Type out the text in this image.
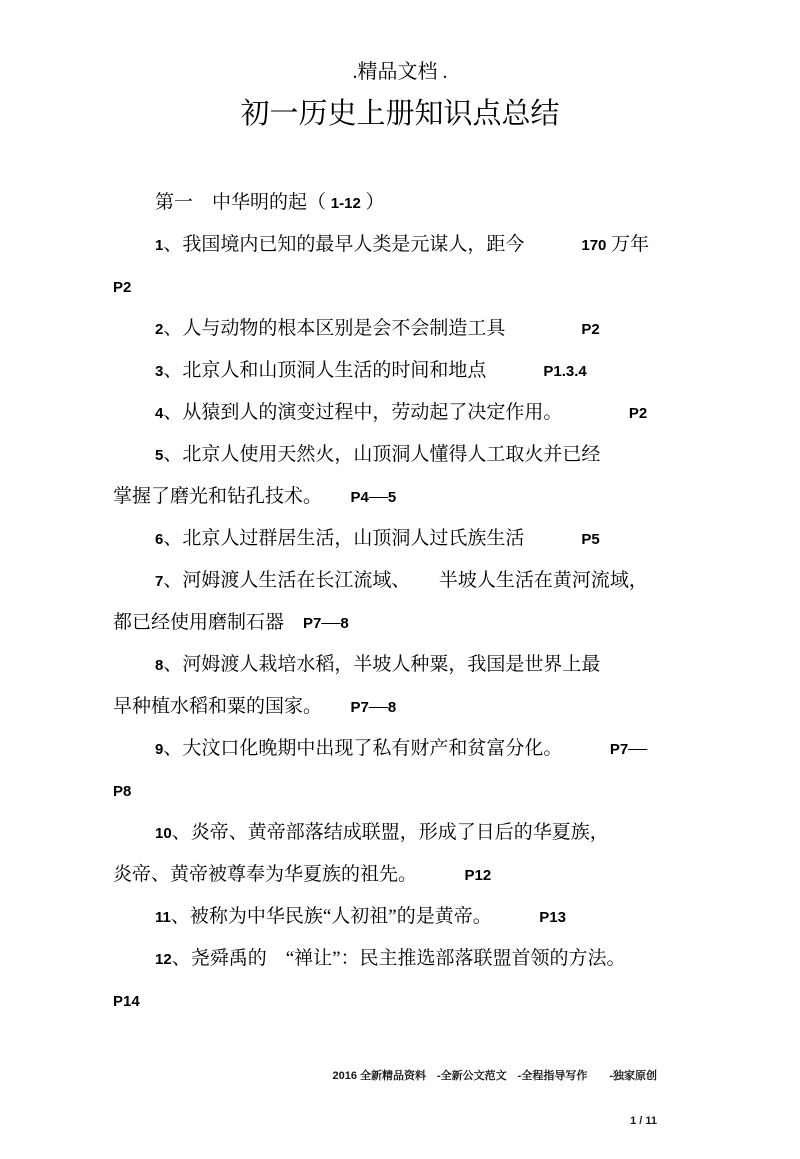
.精品文档 .
初一历史上册知识点总结
第一　中华明的起（ 1-12 ）
1、我国境内已知的最早人类是元谋人，距今　　　170 万年
P2
2、人与动物的根本区别是会不会制造工具　　　　P2
3、北京人和山顶洞人生活的时间和地点　　　P1.3.4
4、从猿到人的演变过程中，劳动起了决定作用。　　　　P2
5、北京人使用天然火，山顶洞人懂得人工取火并已经
掌握了磨光和钻孔技术。　　P4—5
6、北京人过群居生活，山顶洞人过氏族生活　　　P5
7、河姆渡人生活在长江流域、　　半坡人生活在黄河流域，
都已经使用磨制石器　P7—8
8、河姆渡人栽培水稻，半坡人种粟，我国是世界上最
早种植水稻和粟的国家。　　P7—8
9、大汶口化晚期中出现了私有财产和贫富分化。　　　P7—
P8
10、炎帝、黄帝部落结成联盟，形成了日后的华夏族，
炎帝、黄帝被尊奉为华夏族的祖先。　　　P12
11、被称为中华民族“人初祖”的是黄帝。　　　P13
12、尧舜禹的　“禅让”：民主推选部落联盟首领的方法。
P14

2016 全新精品资料　-全新公文范文　-全程指导写作　　-独家原创

1 / 11
